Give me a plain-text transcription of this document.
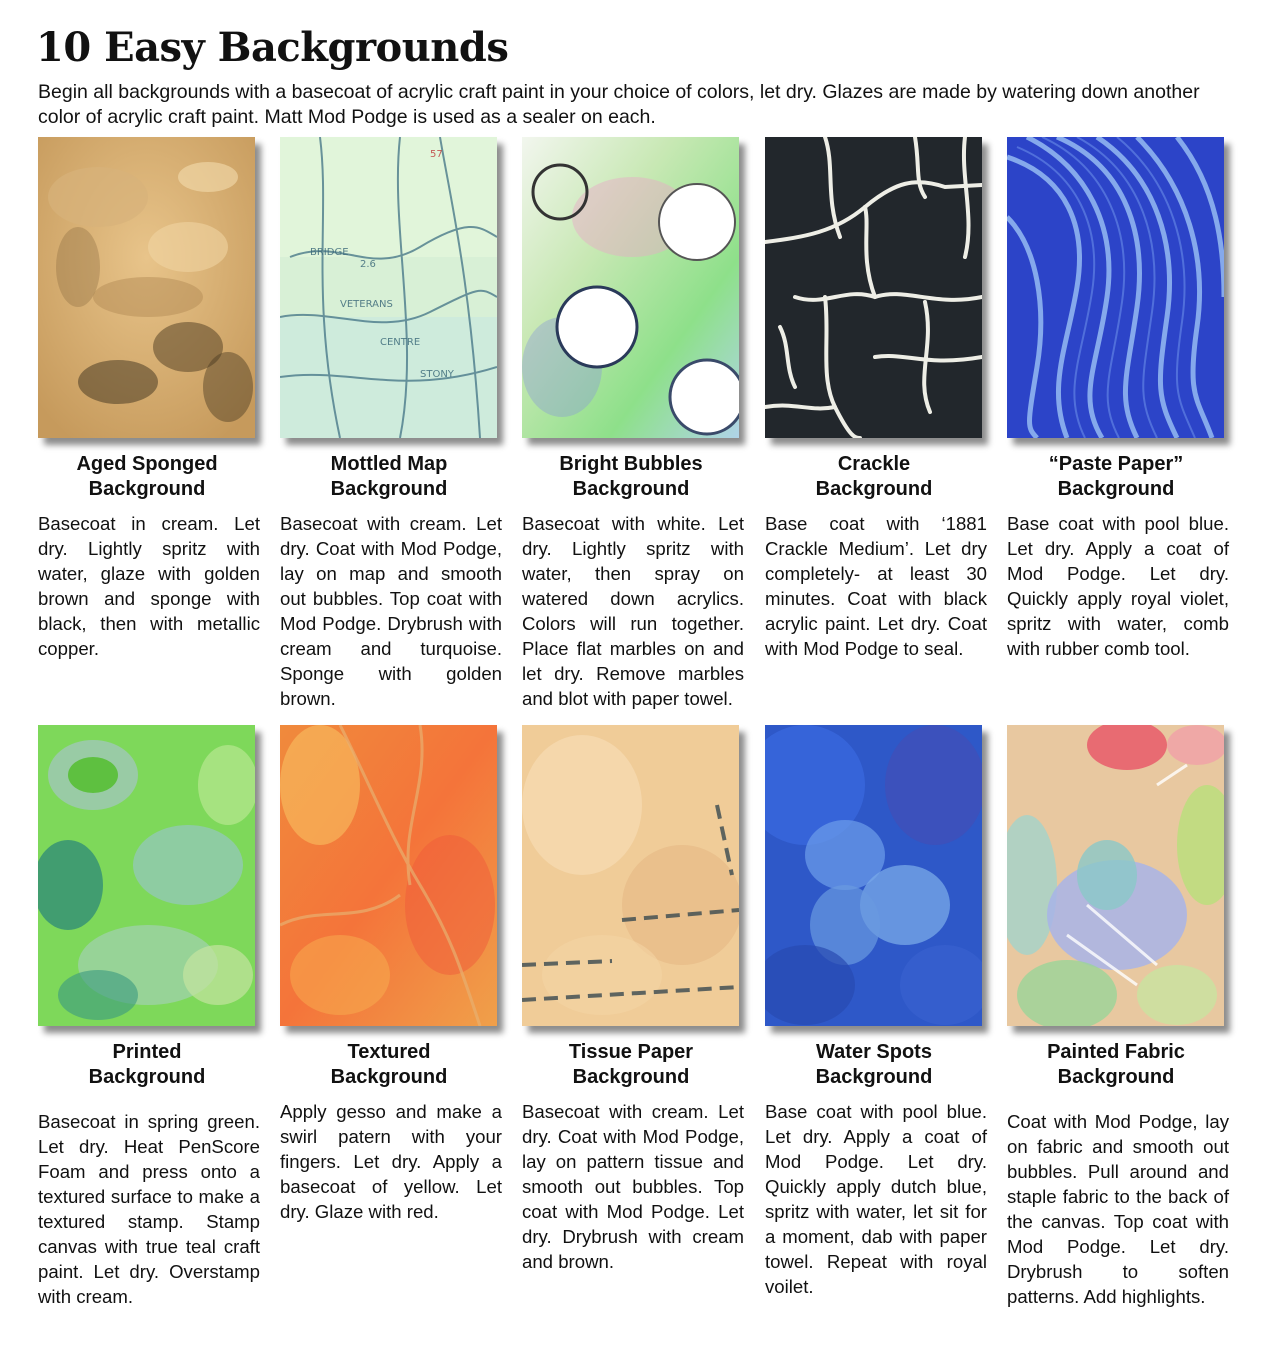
10 Easy Backgrounds
Begin all backgrounds with a basecoat of acrylic craft paint in your choice of colors, let dry. Glazes are made by watering down another color of acrylic craft paint. Matt Mod Podge is used as a sealer on each.
Aged Sponged
Background
Basecoat in cream. Let dry. Lightly spritz with water, glaze with golden brown and sponge with black, then with metallic copper.
BRIDGE
VETERANS
CENTRE
STONY
2.6
57
Mottled Map
Background
Basecoat with cream. Let dry. Coat with Mod Podge, lay on map and smooth out bubbles. Top coat with Mod Podge. Drybrush with cream and turquoise. Sponge with golden brown.
Bright Bubbles
Background
Basecoat with white. Let dry. Lightly spritz with water, then spray on watered down acrylics. Colors will run together. Place flat marbles on and let dry. Remove marbles and blot with paper towel.
Crackle
Background
Base coat with ‘1881 Crackle Medium’. Let dry completely- at least 30 minutes. Coat with black acrylic paint. Let dry. Coat with Mod Podge to seal.
“Paste Paper”
Background
Base coat with pool blue. Let dry. Apply a coat of Mod Podge. Let dry. Quickly apply royal violet, spritz with water, comb with rubber comb tool.
Printed
Background
Basecoat in spring green. Let dry. Heat PenScore Foam and press onto a textured surface to make a textured stamp. Stamp canvas with true teal craft paint. Let dry. Overstamp with cream.
Textured
Background
Apply gesso and make a swirl patern with your fingers. Let dry. Apply a basecoat of yellow. Let dry. Glaze with red.
Tissue Paper
Background
Basecoat with cream. Let dry. Coat with Mod Podge, lay on pattern tissue and smooth out bubbles. Top coat with Mod Podge. Let dry. Drybrush with cream and brown.
Water Spots
Background
Base coat with pool blue. Let dry. Apply a coat of Mod Podge. Let dry. Quickly apply dutch blue, spritz with water, let sit for a moment, dab with paper towel. Repeat with royal voilet.
Painted Fabric
Background
Coat with Mod Podge, lay on fabric and smooth out bubbles. Pull around and staple fabric to the back of the canvas. Top coat with Mod Podge. Let dry. Drybrush to soften patterns. Add highlights.
